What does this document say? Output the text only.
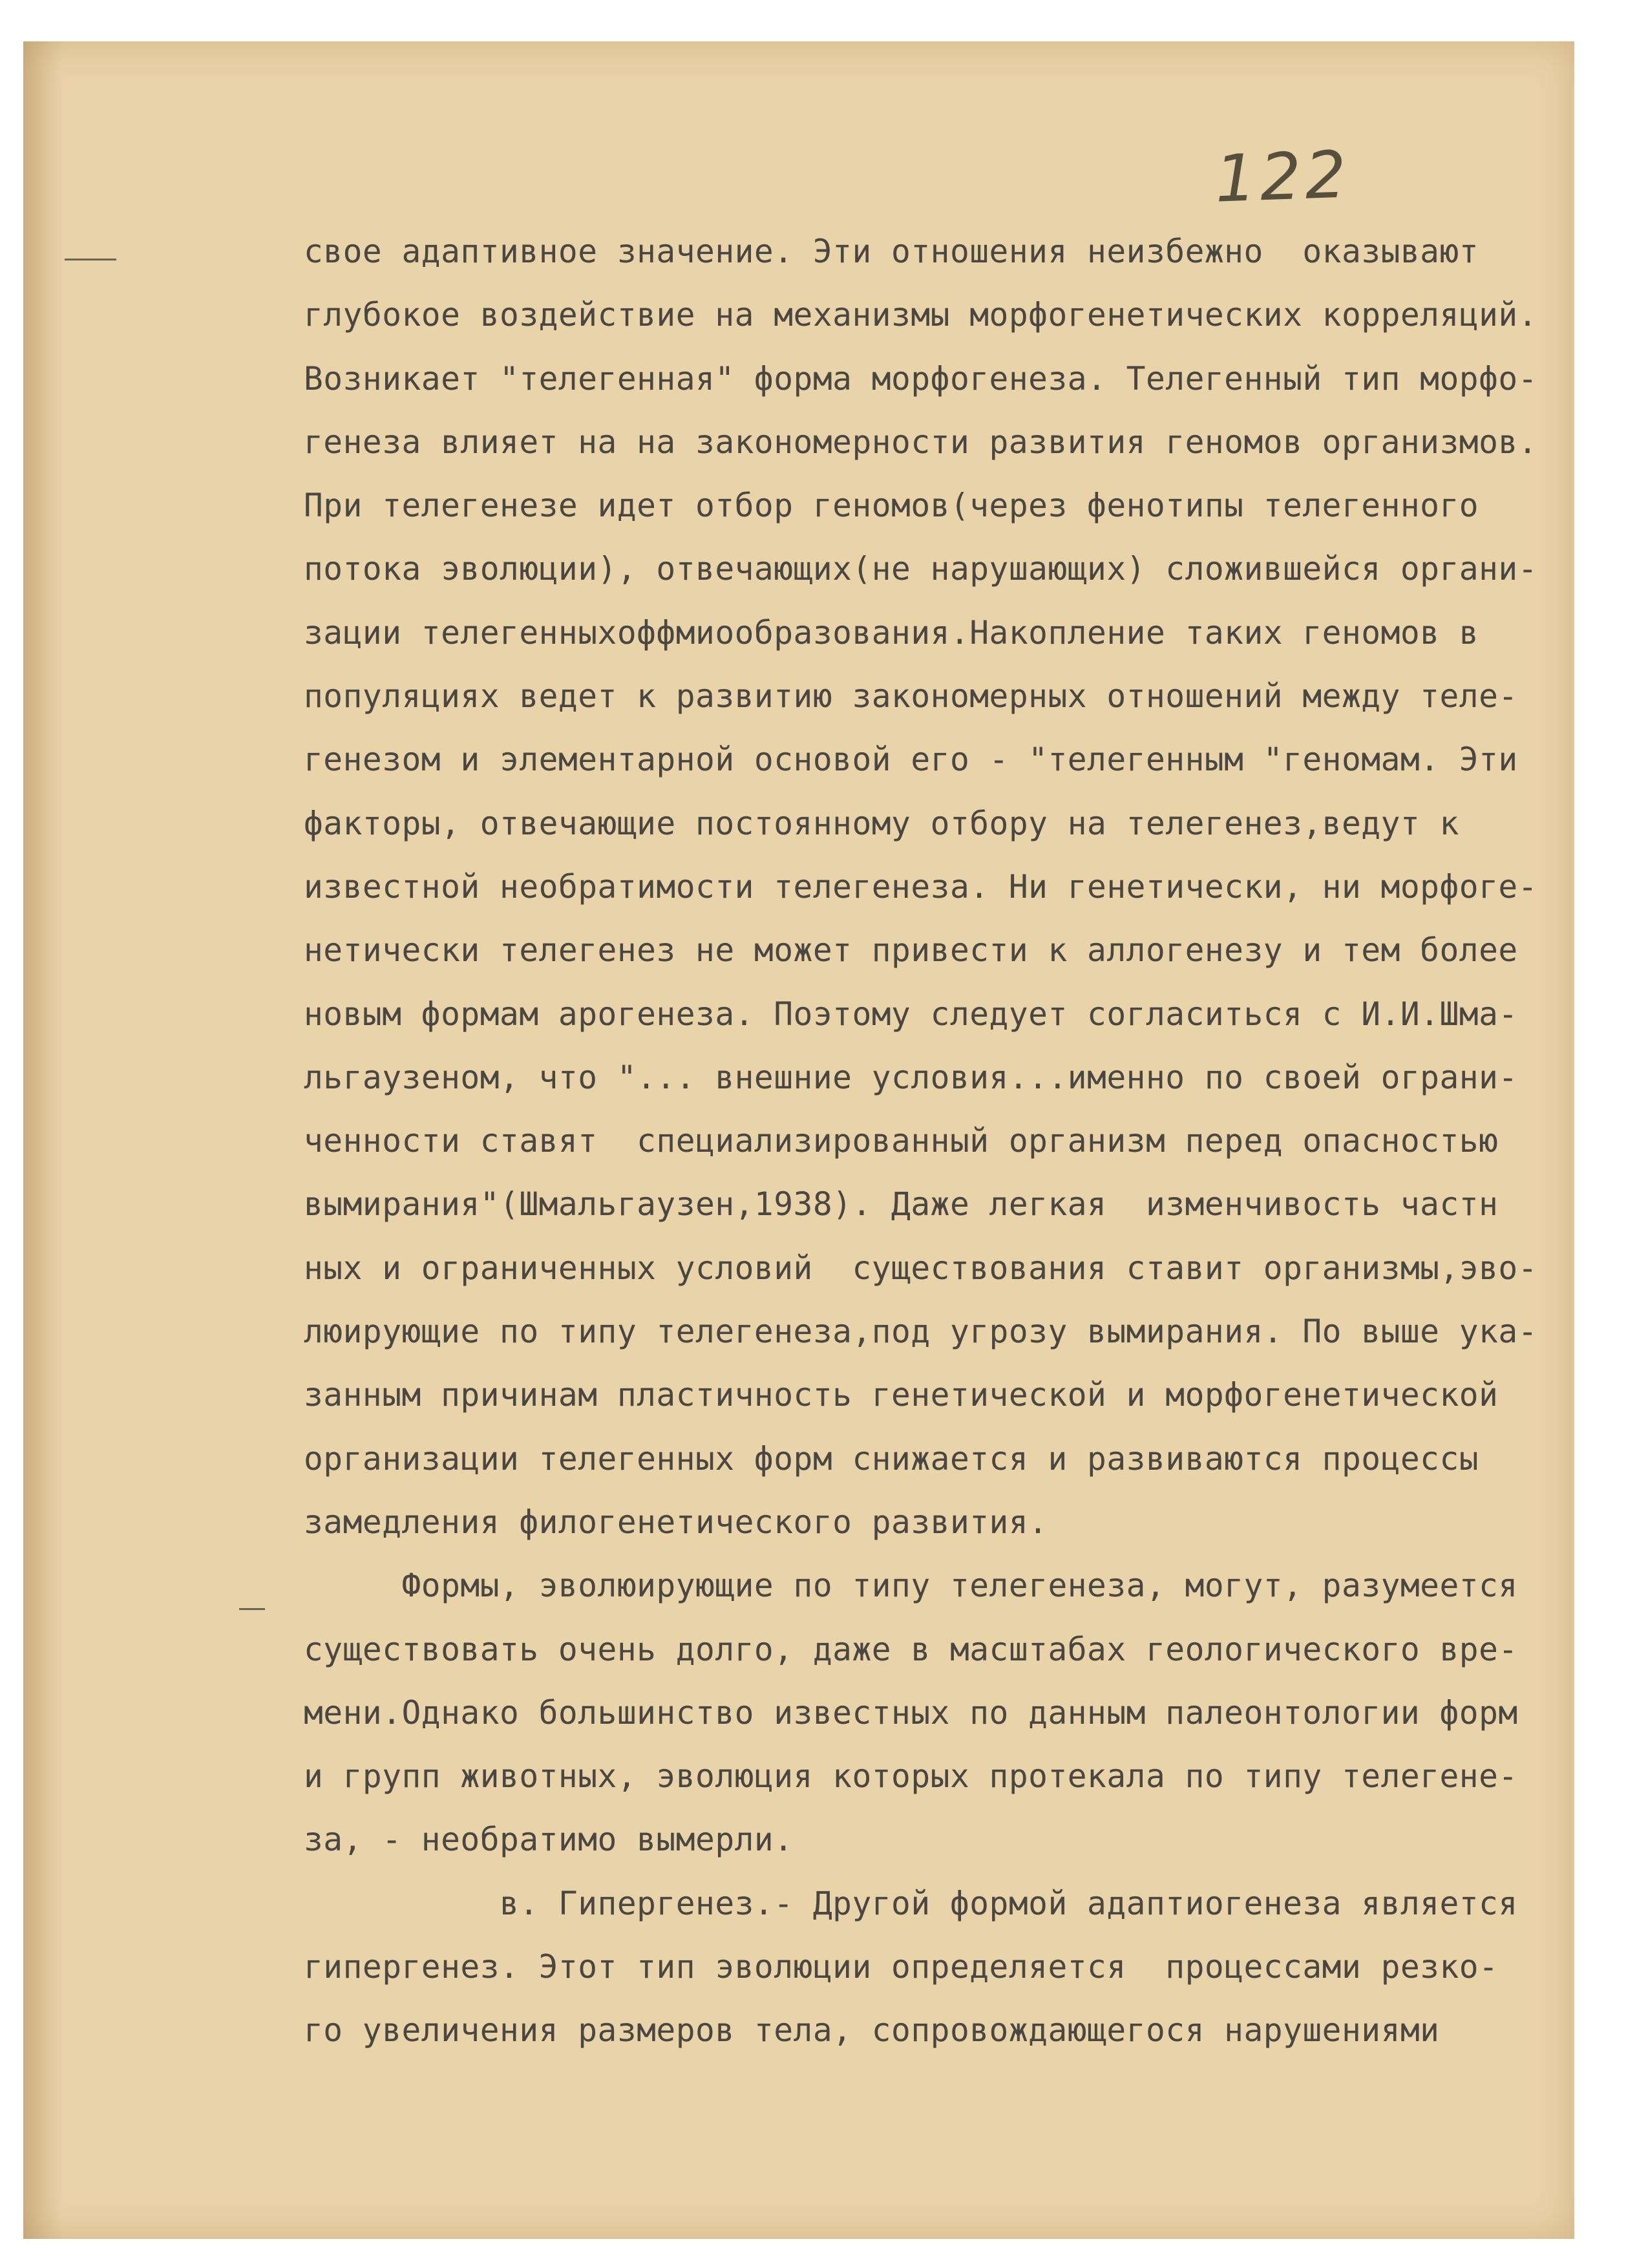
122
свое адаптивное значение. Эти отношения неизбежно  оказывают
глубокое воздействие на механизмы морфогенетических корреляций.
Возникает "телегенная" форма морфогенеза. Телегенный тип морфо-
генеза влияет на на закономерности развития геномов организмов.
При телегенезе идет отбор геномов(через фенотипы телегенного
потока эволюции), отвечающих(не нарушающих) сложившейся органи-
зации телегенныхоффмиообразования.Накопление таких геномов в
популяциях ведет к развитию закономерных отношений между теле-
генезом и элементарной основой его - "телегенным "геномам. Эти
факторы, отвечающие постоянному отбору на телегенез,ведут к
известной необратимости телегенеза. Ни генетически, ни морфоге-
нетически телегенез не может привести к аллогенезу и тем более
новым формам арогенеза. Поэтому следует согласиться с И.И.Шма-
льгаузеном, что "... внешние условия...именно по своей ограни-
ченности ставят  специализированный организм перед опасностью
вымирания"(Шмальгаузен,1938). Даже легкая  изменчивость частн
ных и ограниченных условий  существования ставит организмы,эво-
люирующие по типу телегенеза,под угрозу вымирания. По выше ука-
занным причинам пластичность генетической и морфогенетической
организации телегенных форм снижается и развиваются процессы
замедления филогенетического развития.
Формы, эволюирующие по типу телегенеза, могут, разумеется
существовать очень долго, даже в масштабах геологического вре-
мени.Однако большинство известных по данным палеонтологии форм
и групп животных, эволюция которых протекала по типу телегене-
за, - необратимо вымерли.
в. Гипергенез.- Другой формой адаптиогенеза является
гипергенез. Этот тип эволюции определяется  процессами резко-
го увеличения размеров тела, сопровождающегося нарушениями
